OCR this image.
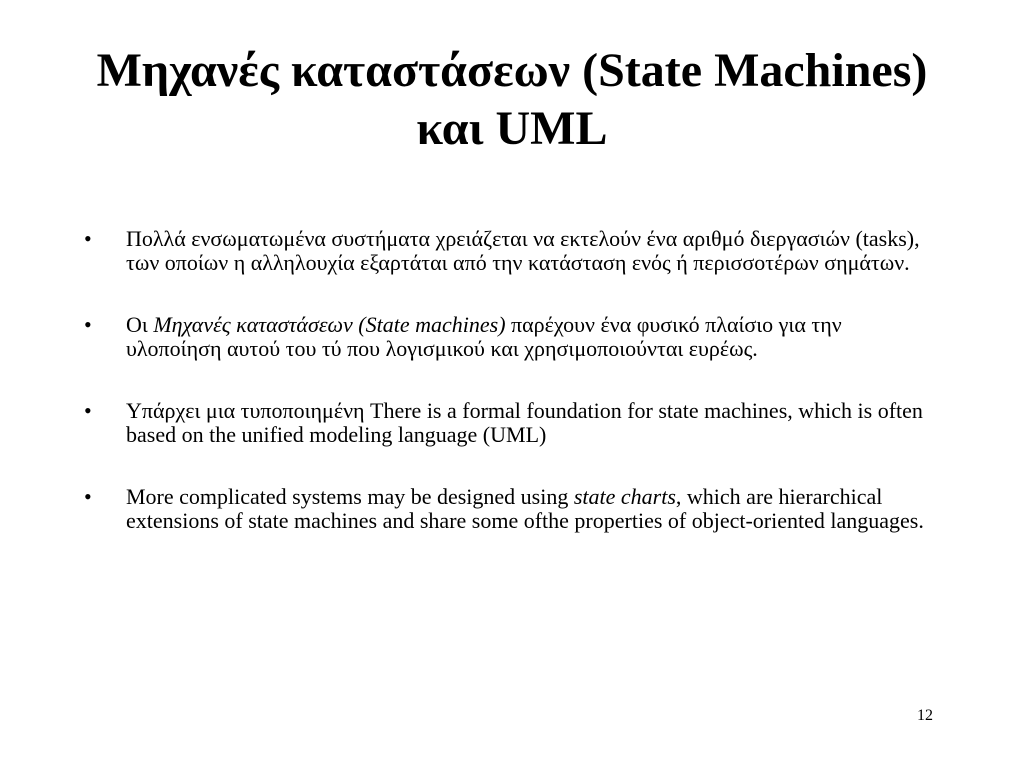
Μηχανές καταστάσεων (State Machines) και UML
• Πολλά ενσωματωμένα συστήματα χρειάζεται να εκτελούν ένα αριθμό διεργασιών (tasks), των οποίων η αλληλουχία εξαρτάται από την κατάσταση ενός ή περισσοτέρων σημάτων.
• Οι Μηχανές καταστάσεων (State machines) παρέχουν ένα φυσικό πλαίσιο για την υλοποίηση αυτού του τύ που λογισμικού και χρησιμοποιούνται ευρέως.
• Υπάρχει μια τυποποιημένη There is a formal foundation for state machines, which is often based on the unified modeling language (UML)
• More complicated systems may be designed using state charts, which are hierarchical extensions of state machines and share some ofthe properties of object-oriented languages.
12
